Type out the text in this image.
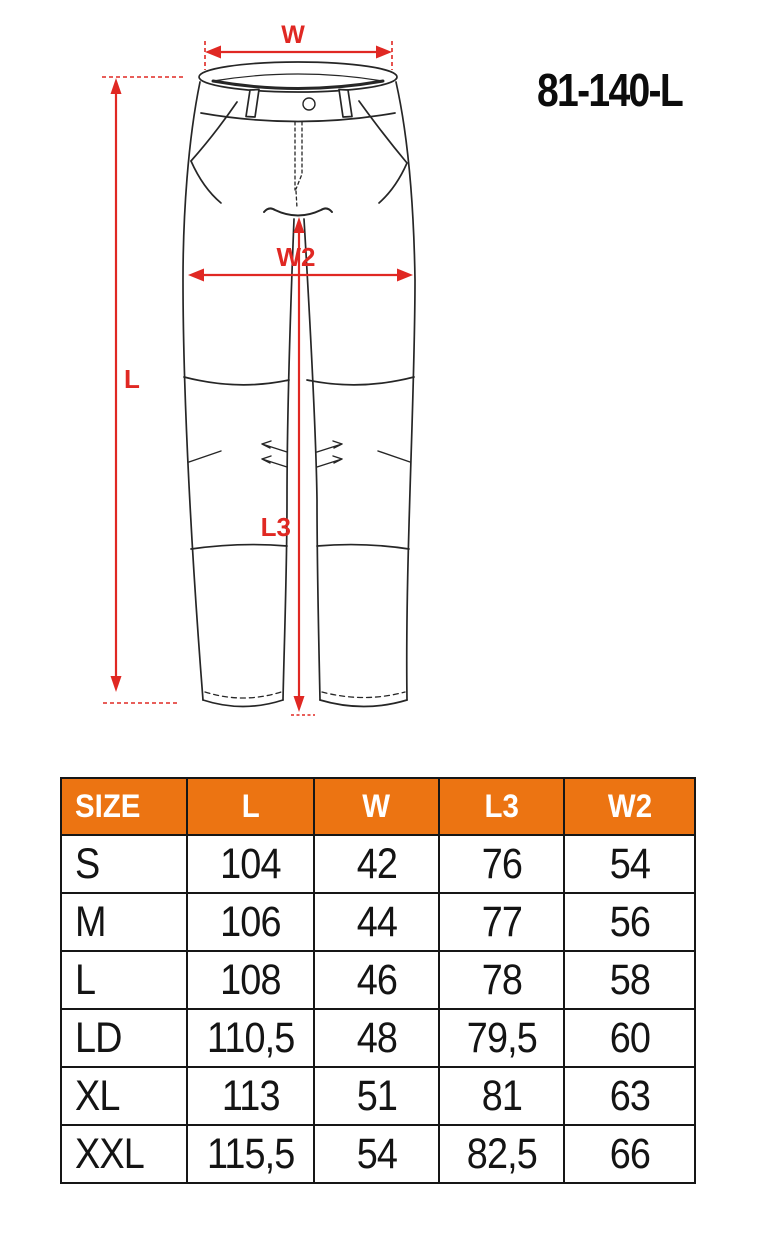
W
L
W2
L3
81-140-L
SIZE	L	W	L3	W2
S	104	42	76	54
M	106	44	77	56
L	108	46	78	58
LD	110,5	48	79,5	60
XL	113	51	81	63
XXL	115,5	54	82,5	66
